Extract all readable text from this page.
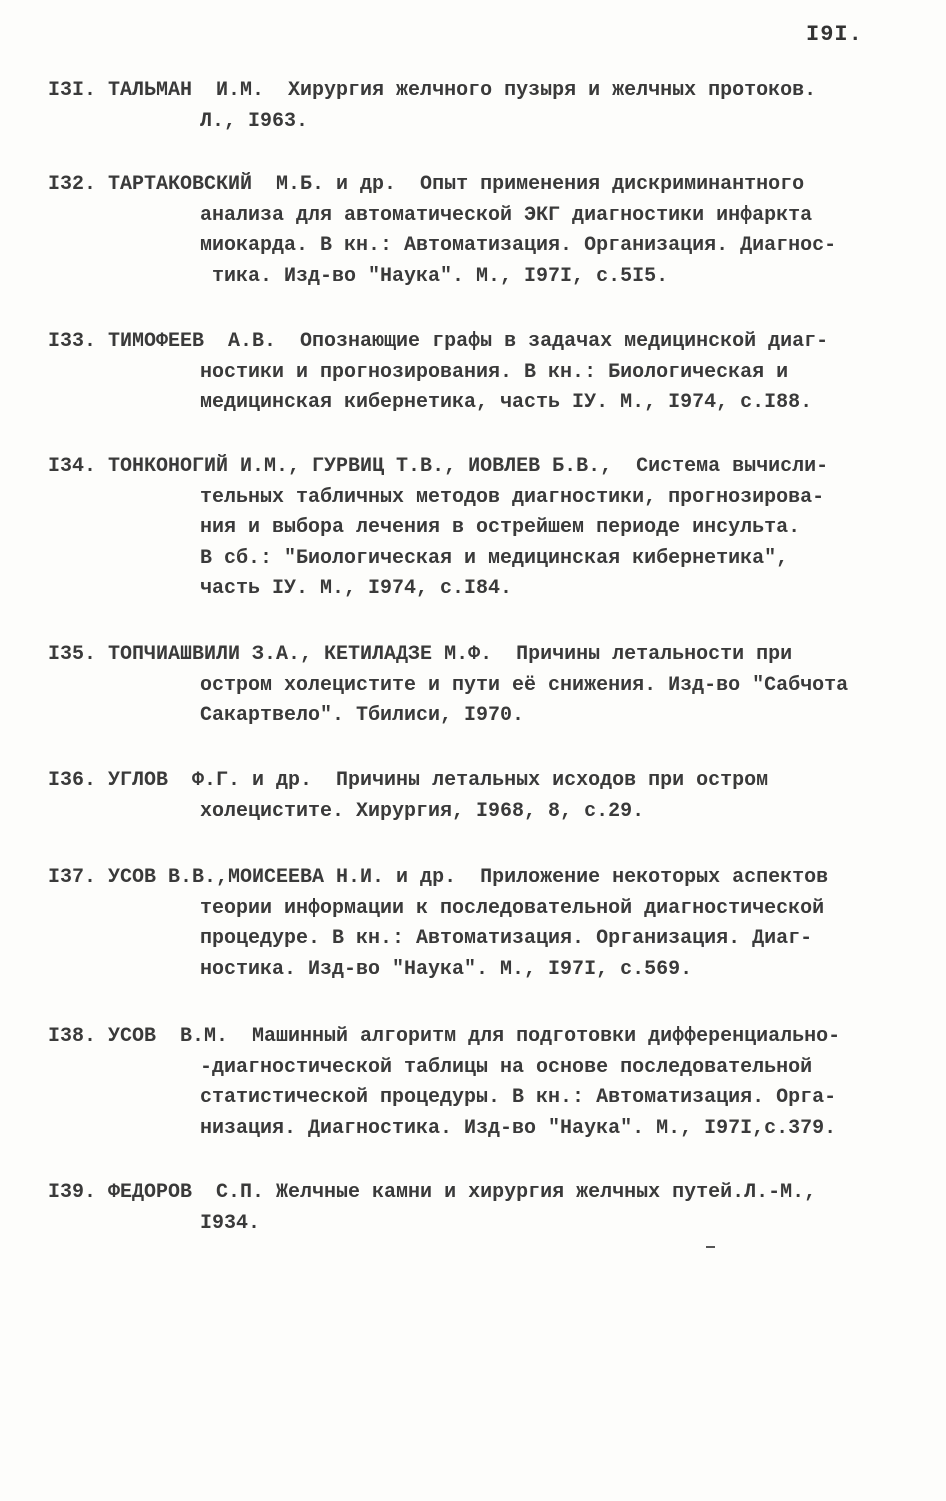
I9I.
I3I. ТАЛЬМАН  И.М.  Хирургия желчного пузыря и желчных протоков.
Л., I963.
I32. ТАРТАКОВСКИЙ  М.Б. и др.  Опыт применения дискриминантного
анализа для автоматической ЭКГ диагностики инфаркта
миокарда. В кн.: Автоматизация. Организация. Диагнос-
тика. Изд-во "Наука". М., I97I, с.5I5.
I33. ТИМОФЕЕВ  А.В.  Опознающие графы в задачах медицинской диаг-
ностики и прогнозирования. В кн.: Биологическая и
медицинская кибернетика, часть IУ. М., I974, с.I88.
I34. ТОНКОНОГИЙ И.М., ГУРВИЦ Т.В., ИОВЛЕВ Б.В.,  Система вычисли-
тельных табличных методов диагностики, прогнозирова-
ния и выбора лечения в острейшем периоде инсульта.
В сб.: "Биологическая и медицинская кибернетика",
часть IУ. М., I974, с.I84.
I35. ТОПЧИАШВИЛИ З.А., КЕТИЛАДЗЕ М.Ф.  Причины летальности при
остром холецистите и пути её снижения. Изд-во "Сабчота
Сакартвело". Тбилиси, I970.
I36. УГЛОВ  Ф.Г. и др.  Причины летальных исходов при остром
холецистите. Хирургия, I968, 8, с.29.
I37. УСОВ В.В.,МОИСЕЕВА Н.И. и др.  Приложение некоторых аспектов
теории информации к последовательной диагностической
процедуре. В кн.: Автоматизация. Организация. Диаг-
ностика. Изд-во "Наука". М., I97I, с.569.
I38. УСОВ  В.М.  Машинный алгоритм для подготовки дифференциально-
-диагностической таблицы на основе последовательной
статистической процедуры. В кн.: Автоматизация. Орга-
низация. Диагностика. Изд-во "Наука". М., I97I,с.379.
I39. ФЕДОРОВ  С.П. Желчные камни и хирургия желчных путей.Л.-М.,
I934.
